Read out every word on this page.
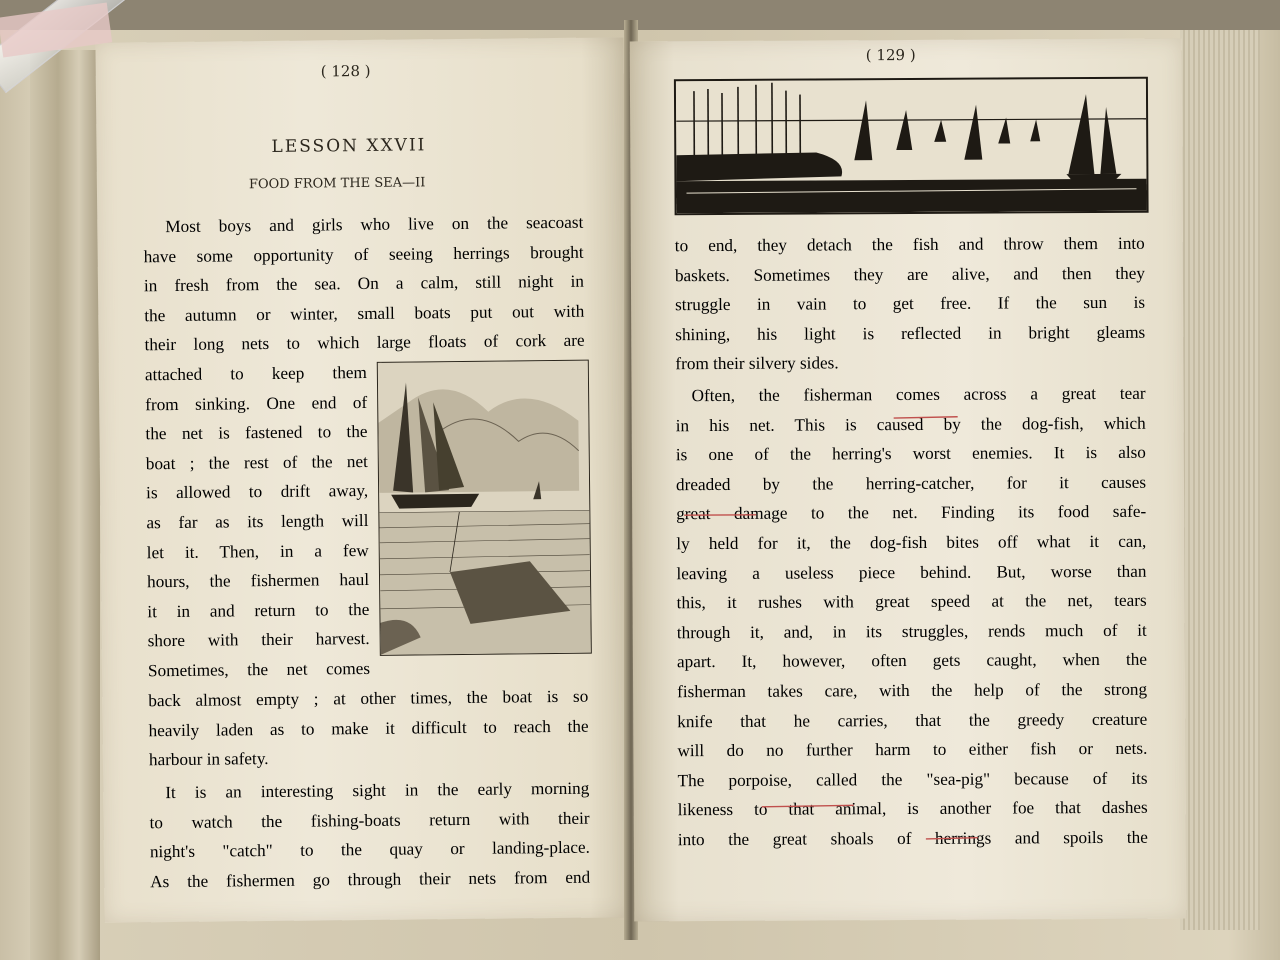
( 128 )
LESSON XXVII
FOOD FROM THE SEA—II
Most boys and girls who live on the seacoast
have some opportunity of seeing herrings brought
in fresh from the sea. On a calm, still night in
the autumn or winter, small boats put out with
their long nets to which large floats of cork are
attached to keep them
from sinking. One end of
the net is fastened to the
boat ; the rest of the net
is allowed to drift away,
as far as its length will
let it. Then, in a few
hours, the fishermen haul
it in and return to the
shore with their harvest.
Sometimes, the net comes
back almost empty ; at other times, the boat is so
heavily laden as to make it difficult to reach the
harbour in safety.
It is an interesting sight in the early morning
to watch the fishing-boats return with their
night's "catch" to the quay or landing-place.
As the fishermen go through their nets from end
( 129 )
to end, they detach the fish and throw them into
baskets. Sometimes they are alive, and then they
struggle in vain to get free. If the sun is
shining, his light is reflected in bright gleams
from their silvery sides.
Often, the fisherman comes across a great tear
in his net. This is caused by the dog-fish, which
is one of the herring's worst enemies. It is also
dreaded by the herring-catcher, for it causes
great damage to the net. Finding its food safe-
ly held for it, the dog-fish bites off what it can,
leaving a useless piece behind. But, worse than
this, it rushes with great speed at the net, tears
through it, and, in its struggles, rends much of it
apart. It, however, often gets caught, when the
fisherman takes care, with the help of the strong
knife that he carries, that the greedy creature
will do no further harm to either fish or nets.
The porpoise, called the "sea-pig" because of its
likeness to that animal, is another foe that dashes
into the great shoals of herrings and spoils the
